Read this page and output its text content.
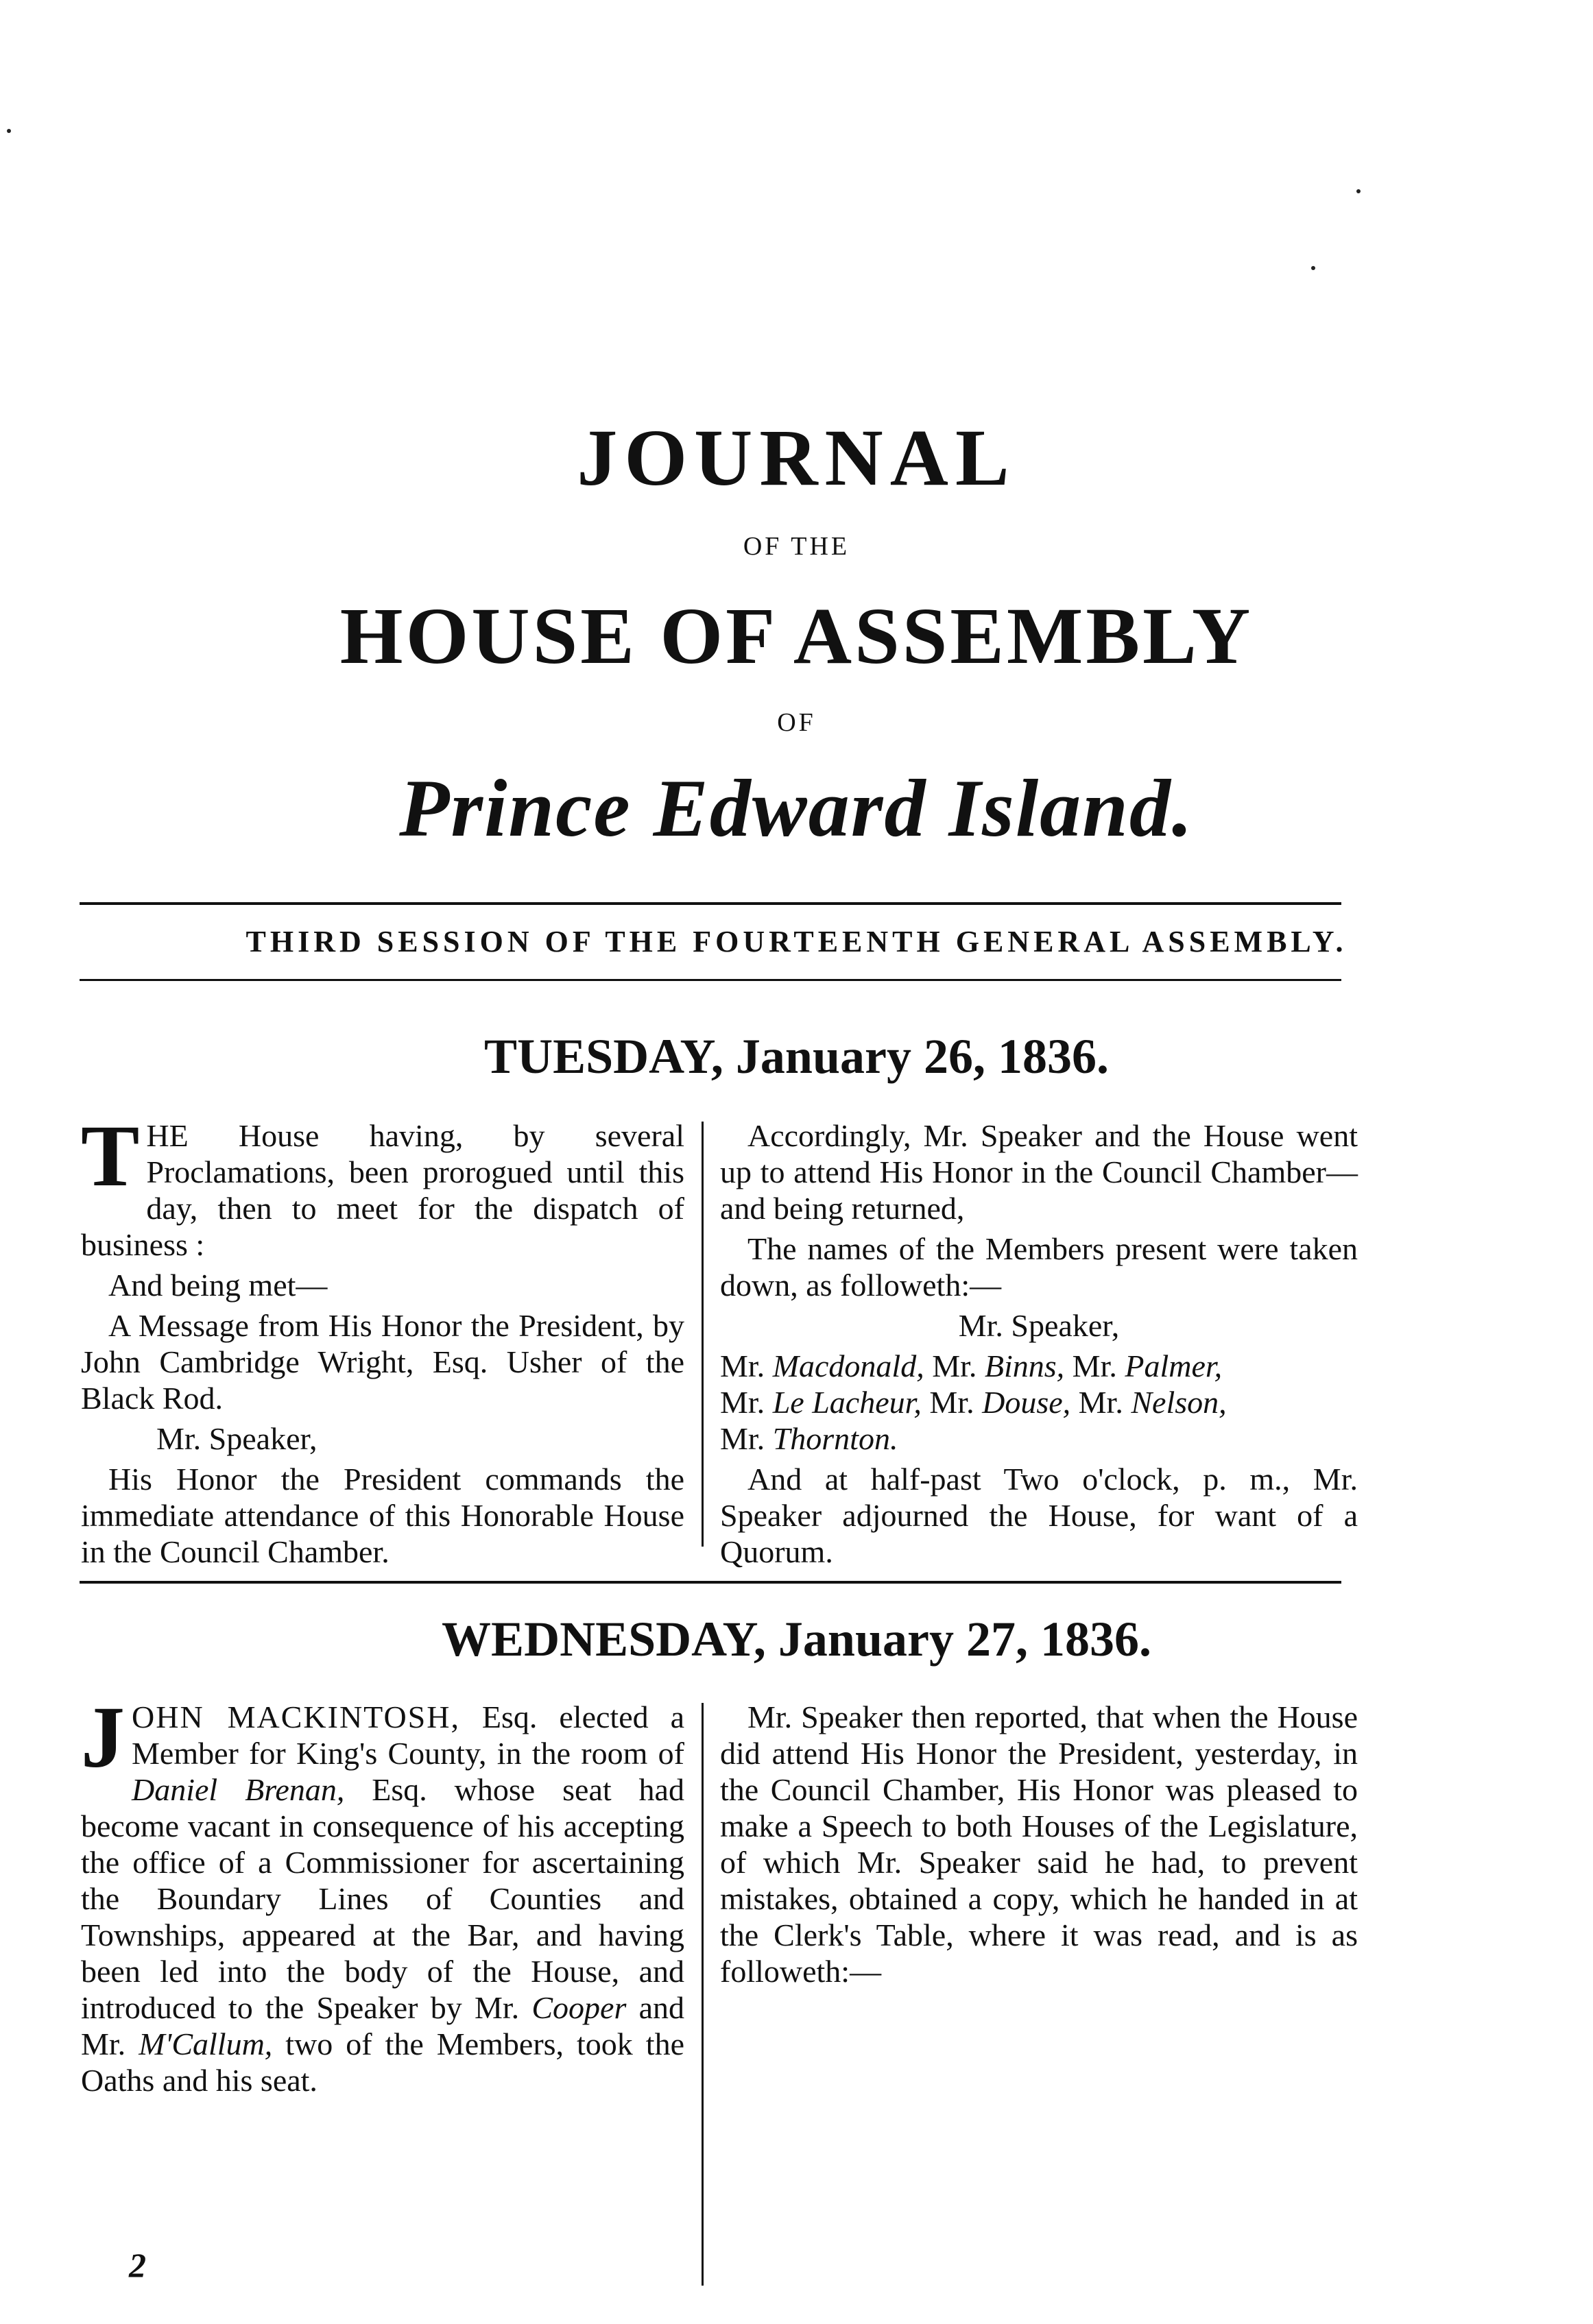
JOURNAL
OF THE
HOUSE OF ASSEMBLY
OF
Prince Edward Island.
THIRD SESSION OF THE FOURTEENTH GENERAL ASSEMBLY.
TUESDAY, January 26, 1836.

THE House having, by several Proclamations, been prorogued until this day, then to meet for the dispatch of business :

And being met—

A Message from His Honor the President, by John Cambridge Wright, Esq. Usher of the Black Rod.

Mr. Speaker,

His Honor the President commands the immediate attendance of this Honorable House in the Council Chamber.

Accordingly, Mr. Speaker and the House went up to attend His Honor in the Council Chamber—and being returned,

The names of the Members present were taken down, as followeth:—

Mr. Speaker,

Mr. Macdonald, Mr. Binns, Mr. Palmer,

Mr. Le Lacheur, Mr. Douse, Mr. Nelson,

Mr. Thornton.

And at half-past Two o'clock, p. m., Mr. Speaker adjourned the House, for want of a Quorum.

WEDNESDAY, January 27, 1836.

JOHN MACKINTOSH, Esq. elected a Member for King's County, in the room of Daniel Brenan, Esq. whose seat had become vacant in consequence of his accepting the office of a Commissioner for ascertaining the Boundary Lines of Counties and Townships, appeared at the Bar, and having been led into the body of the House, and introduced to the Speaker by Mr. Cooper and Mr. M'Callum, two of the Members, took the Oaths and his seat.

Mr. Speaker then reported, that when the House did attend His Honor the President, yesterday, in the Council Chamber, His Honor was pleased to make a Speech to both Houses of the Legislature, of which Mr. Speaker said he had, to prevent mistakes, obtained a copy, which he handed in at the Clerk's Table, where it was read, and is as followeth:—

2
